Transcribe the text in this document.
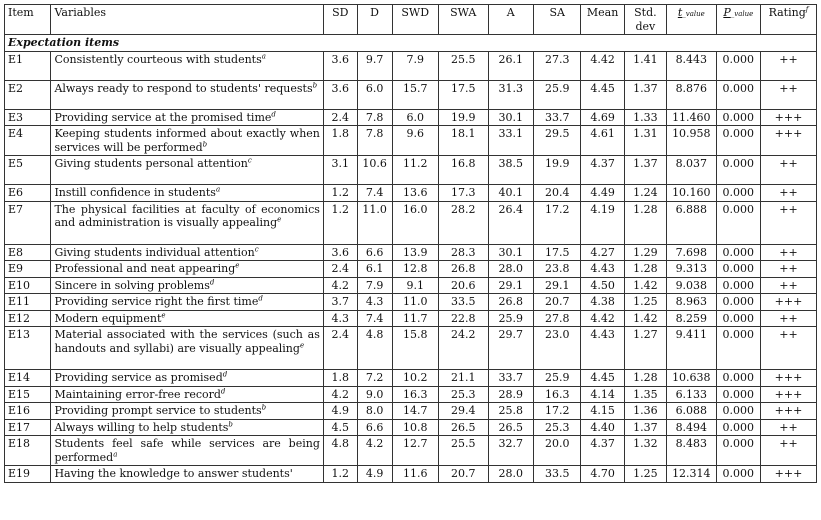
Item	Variables	SD	D	SWD	SWA	A	SA	Mean	Std. dev	t_value	P_value	Rating$^f$
Expectation items												
E1	Consistently courteous with students$^a$	3.6	9.7	7.9	25.5	26.1	27.3	4.42	1.41	8.443	0.000	++
E2	Always ready to respond to students' requests$^b$	3.6	6.0	15.7	17.5	31.3	25.9	4.45	1.37	8.876	0.000	++
E3	Providing service at the promised time$^d$	2.4	7.8	6.0	19.9	30.1	33.7	4.69	1.33	11.460	0.000	+++
E4	Keeping students informed about exactly when services will be performed$^b$	1.8	7.8	9.6	18.1	33.1	29.5	4.61	1.31	10.958	0.000	+++
E5	Giving students personal attention$^c$	3.1	10.6	11.2	16.8	38.5	19.9	4.37	1.37	8.037	0.000	++
E6	Instill confidence in students$^a$	1.2	7.4	13.6	17.3	40.1	20.4	4.49	1.24	10.160	0.000	++
E7	The physical facilities at faculty of economics and administration is visually appealing$^e$	1.2	11.0	16.0	28.2	26.4	17.2	4.19	1.28	6.888	0.000	++
E8	Giving students individual attention$^c$	3.6	6.6	13.9	28.3	30.1	17.5	4.27	1.29	7.698	0.000	++
E9	Professional and neat appearing$^e$	2.4	6.1	12.8	26.8	28.0	23.8	4.43	1.28	9.313	0.000	++
E10	Sincere in solving problems$^d$	4.2	7.9	9.1	20.6	29.1	29.1	4.50	1.42	9.038	0.000	++
E11	Providing service right the first time$^d$	3.7	4.3	11.0	33.5	26.8	20.7	4.38	1.25	8.963	0.000	+++
E12	Modern equipment$^e$	4.3	7.4	11.7	22.8	25.9	27.8	4.42	1.42	8.259	0.000	++
E13	Material associated with the services (such as handouts and syllabi) are visually appealing$^e$	2.4	4.8	15.8	24.2	29.7	23.0	4.43	1.27	9.411	0.000	++
E14	Providing service as promised$^d$	1.8	7.2	10.2	21.1	33.7	25.9	4.45	1.28	10.638	0.000	+++
E15	Maintaining error-free record$^d$	4.2	9.0	16.3	25.3	28.9	16.3	4.14	1.35	6.133	0.000	+++
E16	Providing prompt service to students$^b$	4.9	8.0	14.7	29.4	25.8	17.2	4.15	1.36	6.088	0.000	+++
E17	Always willing to help students$^b$	4.5	6.6	10.8	26.5	26.5	25.3	4.40	1.37	8.494	0.000	++
E18	Students feel safe while services are being performed$^a$	4.8	4.2	12.7	25.5	32.7	20.0	4.37	1.32	8.483	0.000	++
E19	Having the knowledge to answer students'	1.2	4.9	11.6	20.7	28.0	33.5	4.70	1.25	12.314	0.000	+++
